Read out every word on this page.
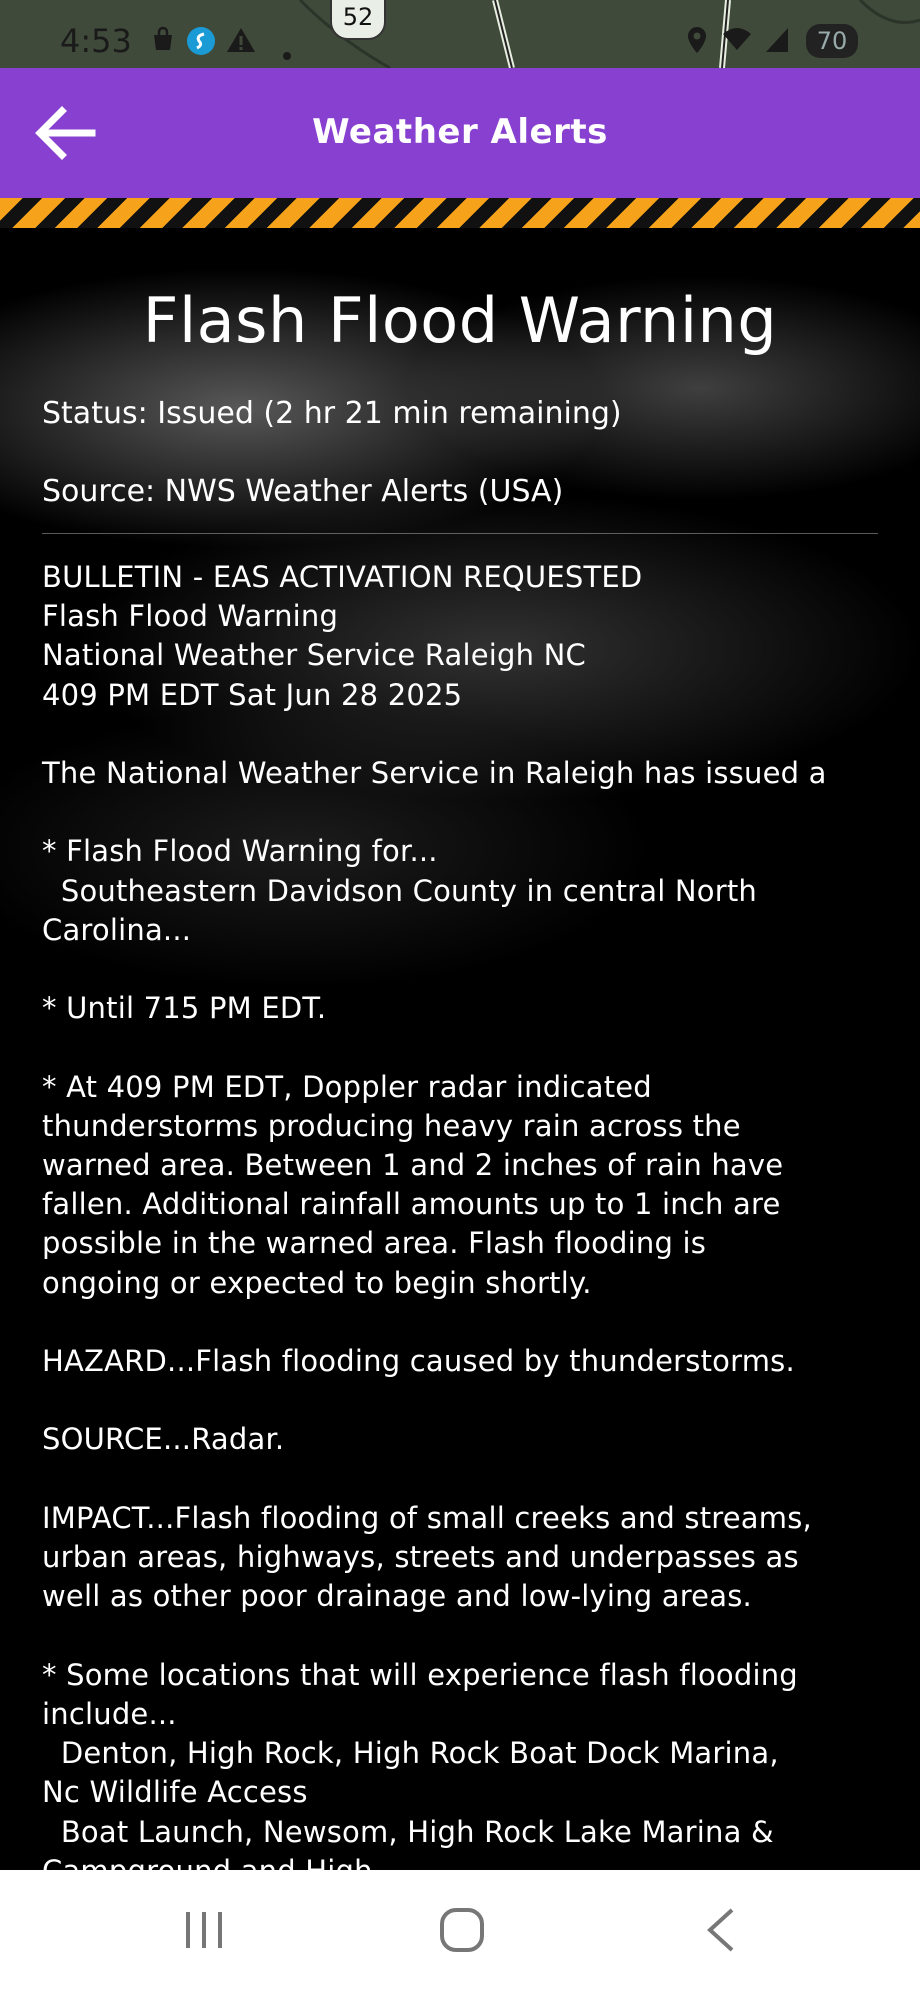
4:53
52
70
Weather Alerts
Flash Flood Warning
Status: Issued (2 hr 21 min remaining)
Source: NWS Weather Alerts (USA)
BULLETIN - EAS ACTIVATION REQUESTED
Flash Flood Warning
National Weather Service Raleigh NC
409 PM EDT Sat Jun 28 2025

The National Weather Service in Raleigh has issued a

* Flash Flood Warning for...
Southeastern Davidson County in central North
Carolina...

* Until 715 PM EDT.

* At 409 PM EDT, Doppler radar indicated
thunderstorms producing heavy rain across the
warned area. Between 1 and 2 inches of rain have
fallen. Additional rainfall amounts up to 1 inch are
possible in the warned area. Flash flooding is
ongoing or expected to begin shortly.

HAZARD...Flash flooding caused by thunderstorms.

SOURCE...Radar.

IMPACT...Flash flooding of small creeks and streams,
urban areas, highways, streets and underpasses as
well as other poor drainage and low-lying areas.

* Some locations that will experience flash flooding
include...
Denton, High Rock, High Rock Boat Dock Marina,
Nc Wildlife Access
Boat Launch, Newsom, High Rock Lake Marina &
